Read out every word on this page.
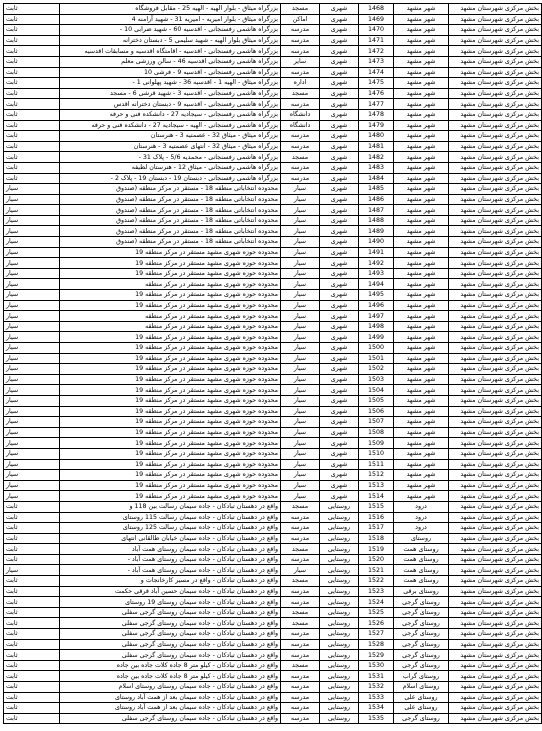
بخش مرکزی شهرستان مشهد	شهر مشهد	1468	شهری	مسجد	بزرگراه میثاق - بلوار الهیه - الهیه 25 - مقابل فروشگاه	ثابت
بخش مرکزی شهرستان مشهد	شهر مشهد	1469	شهری	اماکن	بزرگراه میثاق - بلوار امیریه - امیریه 31 - شهید آرامنه 4	ثابت
بخش مرکزی شهرستان مشهد	شهر مشهد	1470	شهری	مدرسه	بزرگراه هاشمی رفسنجانی - اقدسیه 60 - شهید ضرابی 10 -	ثابت
بخش مرکزی شهرستان مشهد	شهر مشهد	1471	شهری	مدرسه	بزرگراه میثاق بلوار الهیه - شهید سلیمی 5 - دبستان دخترانه	ثابت
بخش مرکزی شهرستان مشهد	شهر مشهد	1472	شهری	مدرسه	بزرگراه هاشمی رفسنجانی - اقدسیه - اقامتگاه اقدسیه و مسابقات اقدسیه	ثابت
بخش مرکزی شهرستان مشهد	شهر مشهد	1473	شهری	سایر	بزرگراه هاشمی رفسنجانی اقدسیه 46 - سالن ورزشی معلم	ثابت
بخش مرکزی شهرستان مشهد	شهر مشهد	1474	شهری	مدرسه	بزرگراه هاشمی رفسنجانی - اقدسیه 9 - فرشی 10	ثابت
بخش مرکزی شهرستان مشهد	شهر مشهد	1475	شهری	اداره	بزرگراه میثاق - الهیه 1 - اقدسیه 36 - شهید پهلوانی 1 -	ثابت
بخش مرکزی شهرستان مشهد	شهر مشهد	1476	شهری	مسجد	بزرگراه هاشمی رفسنجانی - اقدسیه 3 - شهید قرشی 6 - مسجد	ثابت
بخش مرکزی شهرستان مشهد	شهر مشهد	1477	شهری	مدرسه	بزرگراه هاشمی رفسنجانی - اقدسیه 9 - دبستان دخترانه اقدس	ثابت
بخش مرکزی شهرستان مشهد	شهر مشهد	1478	شهری	دانشگاه	بزرگراه هاشمی رفسنجانی - سیجادیه 27 - دانشکده فنی و حرفه	ثابت
بخش مرکزی شهرستان مشهد	شهر مشهد	1479	شهری	دانشگاه	بزرگراه هاشمی رفسنجانی - الهیه - سیجادیه 27 - دانشکده فنی و حرفه	ثابت
بخش مرکزی شهرستان مشهد	شهر مشهد	1480	شهری	مدرسه	بزرگراه میثاق - میثاق 32 - عصمتیه 3 - هنرستان	ثابت
بخش مرکزی شهرستان مشهد	شهر مشهد	1481	شهری	مدرسه	بزرگراه میثاق - میثاق 32 - انتهای عصمتیه 3 - هنرستان	ثابت
بخش مرکزی شهرستان مشهد	شهر مشهد	1482	شهری	مسجد	بزرگراه هاشمی رفسنجانی - محمدیه 5/6 - پلاک 31 -	ثابت
بخش مرکزی شهرستان مشهد	شهر مشهد	1483	شهری	مدرسه	بزرگراه هاشمی رفسنجانی - میثاق 12 - هنرستان لطیفه	ثابت
بخش مرکزی شهرستان مشهد	شهر مشهد	1484	شهری	مدرسه	بزرگراه هاشمی رفسنجانی - دبستان 19 - دبستان 19 - پلاک 2 -	ثابت
بخش مرکزی شهرستان مشهد	شهر مشهد	1485	شهری	سیار	محدوده انتخاباتی منطقه 18 - مستقر در مرکز منطقه (صندوق	سیار
بخش مرکزی شهرستان مشهد	شهر مشهد	1486	شهری	سیار	محدوده انتخاباتی منطقه 18 - مستقر در مرکز منطقه (صندوق	سیار
بخش مرکزی شهرستان مشهد	شهر مشهد	1487	شهری	سیار	محدوده انتخاباتی منطقه 18 - مستقر در مرکز منطقه (صندوق	سیار
بخش مرکزی شهرستان مشهد	شهر مشهد	1488	شهری	سیار	محدوده انتخاباتی منطقه 18 - مستقر در مرکز منطقه (صندوق	سیار
بخش مرکزی شهرستان مشهد	شهر مشهد	1489	شهری	سیار	محدوده انتخاباتی منطقه 18 - مستقر در مرکز منطقه (صندوق	سیار
بخش مرکزی شهرستان مشهد	شهر مشهد	1490	شهری	سیار	محدوده انتخاباتی منطقه 18 - مستقر در مرکز منطقه (صندوق	سیار
بخش مرکزی شهرستان مشهد	شهر مشهد	1491	شهری	سیار	محدوده حوزه شهری مشهد مستقر در مرکز منطقه 19	سیار
بخش مرکزی شهرستان مشهد	شهر مشهد	1492	شهری	سیار	محدوده حوزه شهری مشهد مستقر در مرکز منطقه 19	سیار
بخش مرکزی شهرستان مشهد	شهر مشهد	1493	شهری	سیار	محدوده حوزه شهری مشهد مستقر در مرکز منطقه 19	سیار
بخش مرکزی شهرستان مشهد	شهر مشهد	1494	شهری	سیار	محدوده حوزه شهری مشهد مستقر در مرکز منطقه	سیار
بخش مرکزی شهرستان مشهد	شهر مشهد	1495	شهری	سیار	محدوده حوزه شهری مشهد مستقر در مرکز منطقه 19	سیار
بخش مرکزی شهرستان مشهد	شهر مشهد	1496	شهری	سیار	محدوده حوزه شهری مشهد مستقر در مرکز منطقه 19	سیار
بخش مرکزی شهرستان مشهد	شهر مشهد	1497	شهری	سیار	محدوده حوزه شهری مشهد مستقر در مرکز منطقه	سیار
بخش مرکزی شهرستان مشهد	شهر مشهد	1498	شهری	سیار	محدوده حوزه شهری مشهد مستقر در مرکز منطقه	سیار
بخش مرکزی شهرستان مشهد	شهر مشهد	1499	شهری	سیار	محدوده حوزه شهری مشهد مستقر در مرکز منطقه 19	سیار
بخش مرکزی شهرستان مشهد	شهر مشهد	1500	شهری	سیار	محدوده حوزه شهری مشهد مستقر در مرکز منطقه 19	سیار
بخش مرکزی شهرستان مشهد	شهر مشهد	1501	شهری	سیار	محدوده حوزه شهری مشهد مستقر در مرکز منطقه 19	سیار
بخش مرکزی شهرستان مشهد	شهر مشهد	1502	شهری	سیار	محدوده حوزه شهری مشهد مستقر در مرکز منطقه 19	سیار
بخش مرکزی شهرستان مشهد	شهر مشهد	1503	شهری	سیار	محدوده حوزه شهری مشهد مستقر در مرکز منطقه 19	سیار
بخش مرکزی شهرستان مشهد	شهر مشهد	1504	شهری	سیار	محدوده حوزه شهری مشهد مستقر در مرکز منطقه 19	سیار
بخش مرکزی شهرستان مشهد	شهر مشهد	1505	شهری	سیار	محدوده حوزه شهری مشهد مستقر در مرکز منطقه 19	سیار
بخش مرکزی شهرستان مشهد	شهر مشهد	1506	شهری	سیار	محدوده حوزه شهری مشهد مستقر در مرکز منطقه 19	سیار
بخش مرکزی شهرستان مشهد	شهر مشهد	1507	شهری	سیار	محدوده حوزه شهری مشهد مستقر در مرکز منطقه 19	سیار
بخش مرکزی شهرستان مشهد	شهر مشهد	1508	شهری	سیار	محدوده حوزه شهری مشهد مستقر در مرکز منطقه 19	سیار
بخش مرکزی شهرستان مشهد	شهر مشهد	1509	شهری	سیار	محدوده حوزه شهری مشهد مستقر در مرکز منطقه 19	سیار
بخش مرکزی شهرستان مشهد	شهر مشهد	1510	شهری	سیار	محدوده حوزه شهری مشهد مستقر در مرکز منطقه 19	سیار
بخش مرکزی شهرستان مشهد	شهر مشهد	1511	شهری	سیار	محدوده حوزه شهری مشهد مستقر در مرکز منطقه 19	سیار
بخش مرکزی شهرستان مشهد	شهر مشهد	1512	شهری	سیار	محدوده حوزه شهری مشهد مستقر در مرکز منطقه 19	سیار
بخش مرکزی شهرستان مشهد	شهر مشهد	1513	شهری	سیار	محدوده حوزه شهری مشهد مستقر در مرکز منطقه 19	سیار
بخش مرکزی شهرستان مشهد	شهر مشهد	1514	شهری	سیار	محدوده حوزه شهری مشهد مستقر در مرکز منطقه 19	سیار
بخش مرکزی شهرستان مشهد	درود	1515	روستایی	مسجد	واقع در دهستان تبادکان - جاده سیمان رسالت بین 118 و	ثابت
بخش مرکزی شهرستان مشهد	درود	1516	روستایی	مدرسه	واقع در دهستان تبادکان - جاده سیمان رسالت 115 روستای	ثابت
بخش مرکزی شهرستان مشهد	درود	1517	روستایی	مدرسه	واقع در دهستان تبادکان - جاده سیمان رسالت 125 روستای	ثابت
بخش مرکزی شهرستان مشهد	روستای	1518	روستایی	مدرسه	واقع در دهستان تبادکان - جاده سیمان خیابان طالقانی انتهای	ثابت
بخش مرکزی شهرستان مشهد	روستای همت	1519	روستایی	مسجد	واقع در دهستان تبادکان - جاده سیمان روستای همت آباد	ثابت
بخش مرکزی شهرستان مشهد	روستای همت	1520	روستایی	مدرسه	واقع در دهستان تبادکان - جاده سیمان روستای همت آباد -	ثابت
بخش مرکزی شهرستان مشهد	روستای همت	1521	روستایی	سیار	واقع در دهستان تبادکان - جاده سیمان روستای همت آباد -	سیار
بخش مرکزی شهرستان مشهد	روستای همت	1522	روستایی	مسجد	واقع در دهستان تبادکان - واقع در مسیر کارخانجات و	ثابت
بخش مرکزی شهرستان مشهد	روستای برقی	1523	روستایی	مدرسه	واقع در دهستان تبادکان - جاده سیمان حسین آباد قرقی حکمت	ثابت
بخش مرکزی شهرستان مشهد	روستای گرجی	1524	روستایی	مدرسه	واقع در دهستان تبادکان - جاده سیمان روستای 19 روستای	ثابت
بخش مرکزی شهرستان مشهد	روستای گرجی	1525	روستایی	مسجد	واقع در دهستان تبادکان - جاده سیمان روستای گرجی سفلی	ثابت
بخش مرکزی شهرستان مشهد	روستای گرجی	1526	روستایی	مسجد	واقع در دهستان تبادکان - جاده سیمان روستای گرجی سفلی	ثابت
بخش مرکزی شهرستان مشهد	روستای گرجی	1527	روستایی	مدرسه	واقع در دهستان تبادکان - جاده سیمان روستای گرجی سفلی	ثابت
بخش مرکزی شهرستان مشهد	روستای گرجی	1528	روستایی	مدرسه	واقع در دهستان تبادکان - جاده سیمان روستای گرجی سفلی	ثابت
بخش مرکزی شهرستان مشهد	روستای گرجی	1529	روستایی	مدرسه	واقع در دهستان تبادکان - جاده سیمان روستای گرجی سفلی	ثابت
بخش مرکزی شهرستان مشهد	روستای گرجی	1530	روستایی	مسجد	واقع در دهستان تبادکان - کیلو متر 8 جاده کلات جاده بین جاده	ثابت
بخش مرکزی شهرستان مشهد	روستای گراب	1531	روستایی	مدرسه	واقع در دهستان تبادکان - کیلو متر 8 جاده کلات جاده بین جاده	ثابت
بخش مرکزی شهرستان مشهد	روستای اسلام	1532	روستایی	مدرسه	واقع در دهستان تبادکان - جاده سیمان روستای روستای اسلام	ثابت
بخش مرکزی شهرستان مشهد	روستای علی	1533	روستایی	مدرسه	واقع در دهستان تبادکان - جاده سیمان بعد از همت آباد روستای	ثابت
بخش مرکزی شهرستان مشهد	روستای علی	1534	روستایی	مدرسه	واقع در دهستان تبادکان - جاده سیمان بعد از همت آباد روستای	ثابت
بخش مرکزی شهرستان مشهد	روستای گرجی	1535	روستایی	مدرسه	واقع در دهستان تبادکان - جاده سیمان روستای گرجی سفلی	ثابت
